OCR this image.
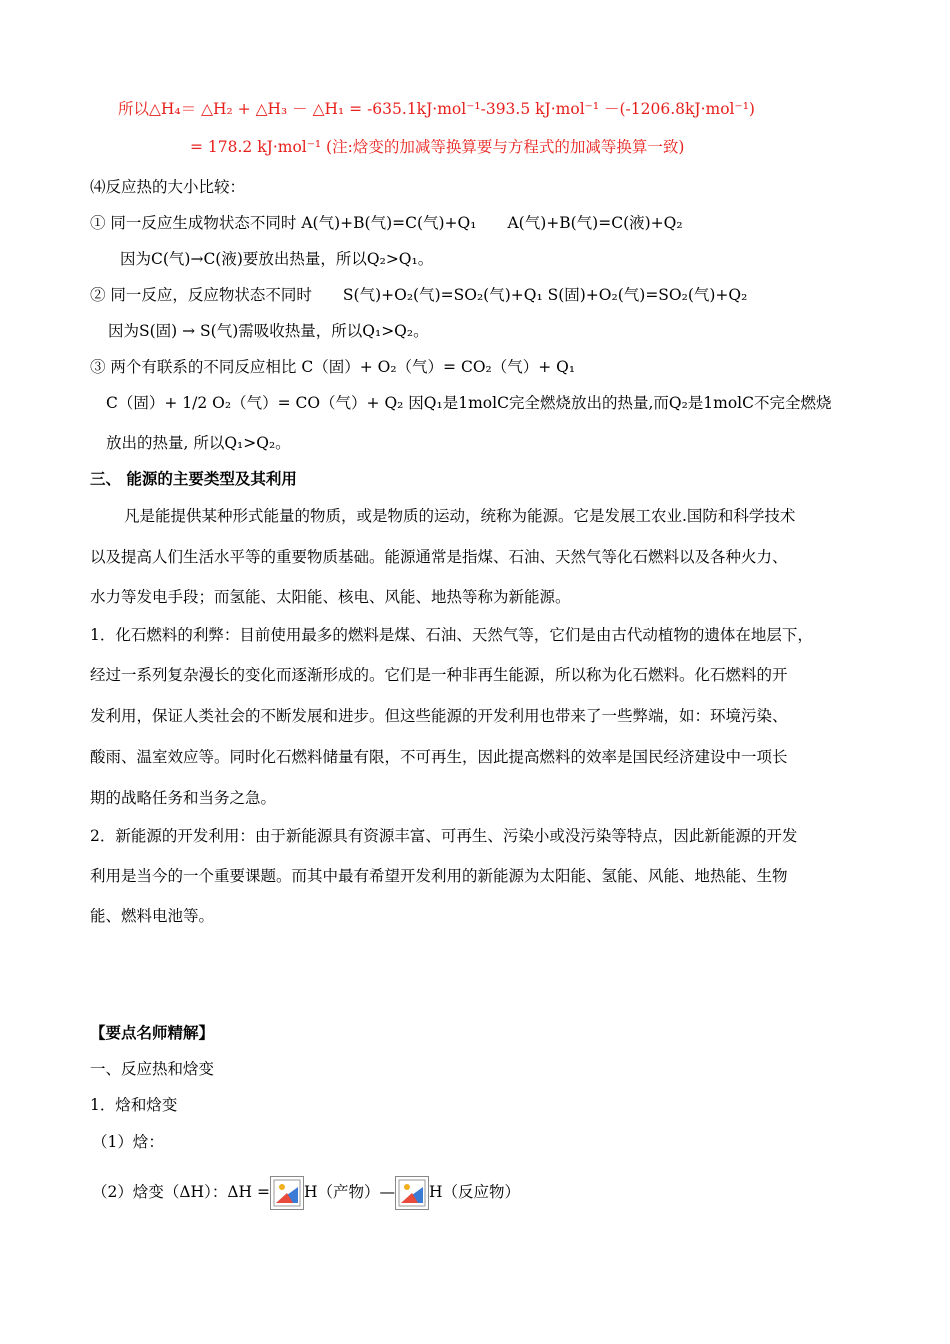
所以△H₄＝ △H₂ + △H₃ － △H₁ = -635.1kJ·mol⁻¹-393.5 kJ·mol⁻¹ －(-1206.8kJ·mol⁻¹)
= 178.2 kJ·mol⁻¹ (注:焓变的加减等换算要与方程式的加减等换算一致)
⑷反应热的大小比较：
① 同一反应生成物状态不同时 A(气)+B(气)=C(气)+Q₁　　A(气)+B(气)=C(液)+Q₂
因为C(气)→C(液)要放出热量，所以Q₂>Q₁。
② 同一反应，反应物状态不同时　　S(气)+O₂(气)=SO₂(气)+Q₁ S(固)+O₂(气)=SO₂(气)+Q₂
因为S(固) → S(气)需吸收热量，所以Q₁>Q₂。
③ 两个有联系的不同反应相比 C（固）+ O₂（气）= CO₂（气）+ Q₁
C（固）+ 1/2 O₂（气）= CO（气）+ Q₂ 因Q₁是1molC完全燃烧放出的热量,而Q₂是1molC不完全燃烧
放出的热量, 所以Q₁>Q₂。
三、 能源的主要类型及其利用
凡是能提供某种形式能量的物质，或是物质的运动，统称为能源。它是发展工农业.国防和科学技术
以及提高人们生活水平等的重要物质基础。能源通常是指煤、石油、天然气等化石燃料以及各种火力、
水力等发电手段；而氢能、太阳能、核电、风能、地热等称为新能源。
1．化石燃料的利弊：目前使用最多的燃料是煤、石油、天然气等，它们是由古代动植物的遗体在地层下，
经过一系列复杂漫长的变化而逐渐形成的。它们是一种非再生能源，所以称为化石燃料。化石燃料的开
发利用，保证人类社会的不断发展和进步。但这些能源的开发利用也带来了一些弊端，如：环境污染、
酸雨、温室效应等。同时化石燃料储量有限，不可再生，因此提高燃料的效率是国民经济建设中一项长
期的战略任务和当务之急。
2．新能源的开发利用：由于新能源具有资源丰富、可再生、污染小或没污染等特点，因此新能源的开发
利用是当今的一个重要课题。而其中最有希望开发利用的新能源为太阳能、氢能、风能、地热能、生物
能、燃料电池等。
【要点名师精解】
一、反应热和焓变
1．焓和焓变
（1）焓：
（2）焓变（ΔH）：ΔH = H（产物）— H（反应物）
